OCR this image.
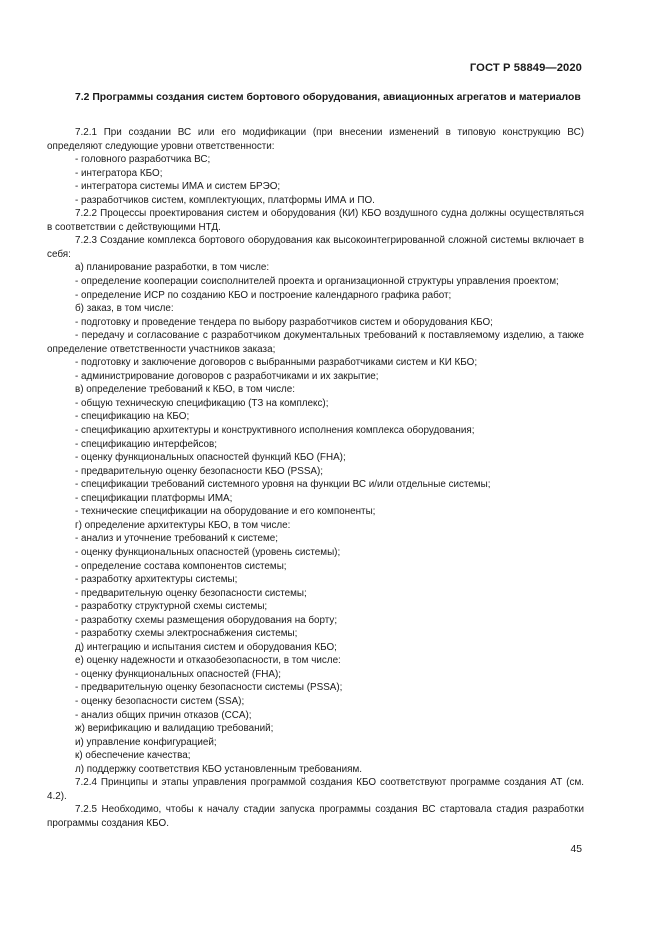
ГОСТ Р 58849—2020
7.2 Программы создания систем бортового оборудования, авиационных агрегатов и материалов

7.2.1 При создании ВС или его модификации (при внесении изменений в типовую конструкцию ВС) определяют следующие уровни ответственности:

- головного разработчика ВС;

- интегратора КБО;

- интегратора системы ИМА и систем БРЭО;

- разработчиков систем, комплектующих, платформы ИМА и ПО.

7.2.2 Процессы проектирования систем и оборудования (КИ) КБО воздушного судна должны осуществляться в соответствии с действующими НТД.

7.2.3 Создание комплекса бортового оборудования как высокоинтегрированной сложной системы включает в себя:

а) планирование разработки, в том числе:

- определение кооперации соисполнителей проекта и организационной структуры управления проектом;

- определение ИСР по созданию КБО и построение календарного графика работ;

б) заказ, в том числе:

- подготовку и проведение тендера по выбору разработчиков систем и оборудования КБО;

- передачу и согласование с разработчиком документальных требований к поставляемому изделию, а также определение ответственности участников заказа;

- подготовку и заключение договоров с выбранными разработчиками систем и КИ КБО;

- администрирование договоров с разработчиками и их закрытие;

в) определение требований к КБО, в том числе:

- общую техническую спецификацию (ТЗ на комплекс);

- спецификацию на КБО;

- спецификацию архитектуры и конструктивного исполнения комплекса оборудования;

- спецификацию интерфейсов;

- оценку функциональных опасностей функций КБО (FHA);

- предварительную оценку безопасности КБО (PSSA);

- спецификации требований системного уровня на функции ВС и/или отдельные системы;

- спецификации платформы ИМА;

- технические спецификации на оборудование и его компоненты;

г) определение архитектуры КБО, в том числе:

- анализ и уточнение требований к системе;

- оценку функциональных опасностей (уровень системы);

- определение состава компонентов системы;

- разработку архитектуры системы;

- предварительную оценку безопасности системы;

- разработку структурной схемы системы;

- разработку схемы размещения оборудования на борту;

- разработку схемы электроснабжения системы;

д) интеграцию и испытания систем и оборудования КБО;

е) оценку надежности и отказобезопасности, в том числе:

- оценку функциональных опасностей (FHA);

- предварительную оценку безопасности системы (PSSA);

- оценку безопасности систем (SSA);

- анализ общих причин отказов (CCA);

ж) верификацию и валидацию требований;

и) управление конфигурацией;

к) обеспечение качества;

л) поддержку соответствия КБО установленным требованиям.

7.2.4 Принципы и этапы управления программой создания КБО соответствуют программе создания АТ (см. 4.2).

7.2.5 Необходимо, чтобы к началу стадии запуска программы создания ВС стартовала стадия разработки программы создания КБО.

45
